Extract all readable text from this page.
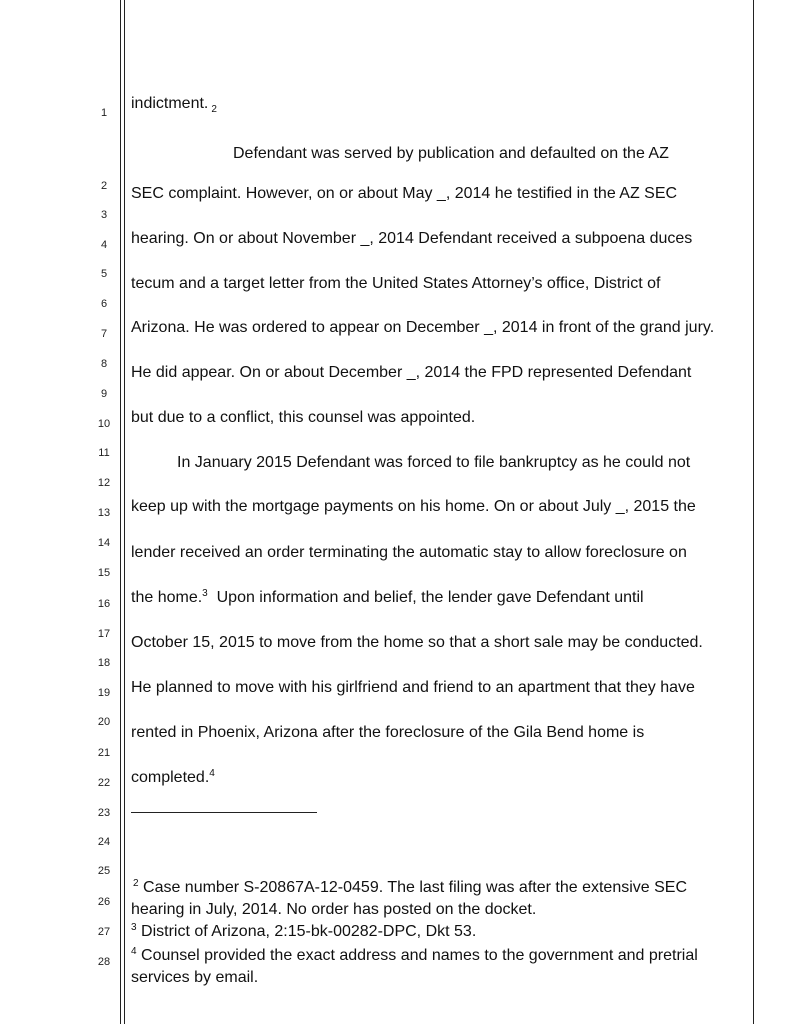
1
2
3
4
5
6
7
8
9
10
11
12
13
14
15
16
17
18
19
20
21
22
23
24
25
26
27
28
indictment. $_2$
Defendant was served by publication and defaulted on the AZ
SEC complaint. However, on or about May _, 2014 he testified in the AZ SEC
hearing. On or about November _, 2014 Defendant received a subpoena duces
tecum and a target letter from the United States Attorney’s office, District of
Arizona. He was ordered to appear on December _, 2014 in front of the grand jury.
He did appear. On or about December _, 2014 the FPD represented Defendant
but due to a conflict, this counsel was appointed.
In January 2015 Defendant was forced to file bankruptcy as he could not
keep up with the mortgage payments on his home. On or about July _, 2015 the
lender received an order terminating the automatic stay to allow foreclosure on
the home.$^3$  Upon information and belief, the lender gave Defendant until
October 15, 2015 to move from the home so that a short sale may be conducted.
He planned to move with his girlfriend and friend to an apartment that they have
rented in Phoenix, Arizona after the foreclosure of the Gila Bend home is
completed.$^4$
$^2$ Case number S-20867A-12-0459. The last filing was after the extensive SEC
hearing in July, 2014. No order has posted on the docket.
$^3$ District of Arizona, 2:15-bk-00282-DPC, Dkt 53.
$^4$ Counsel provided the exact address and names to the government and pretrial
services by email.
